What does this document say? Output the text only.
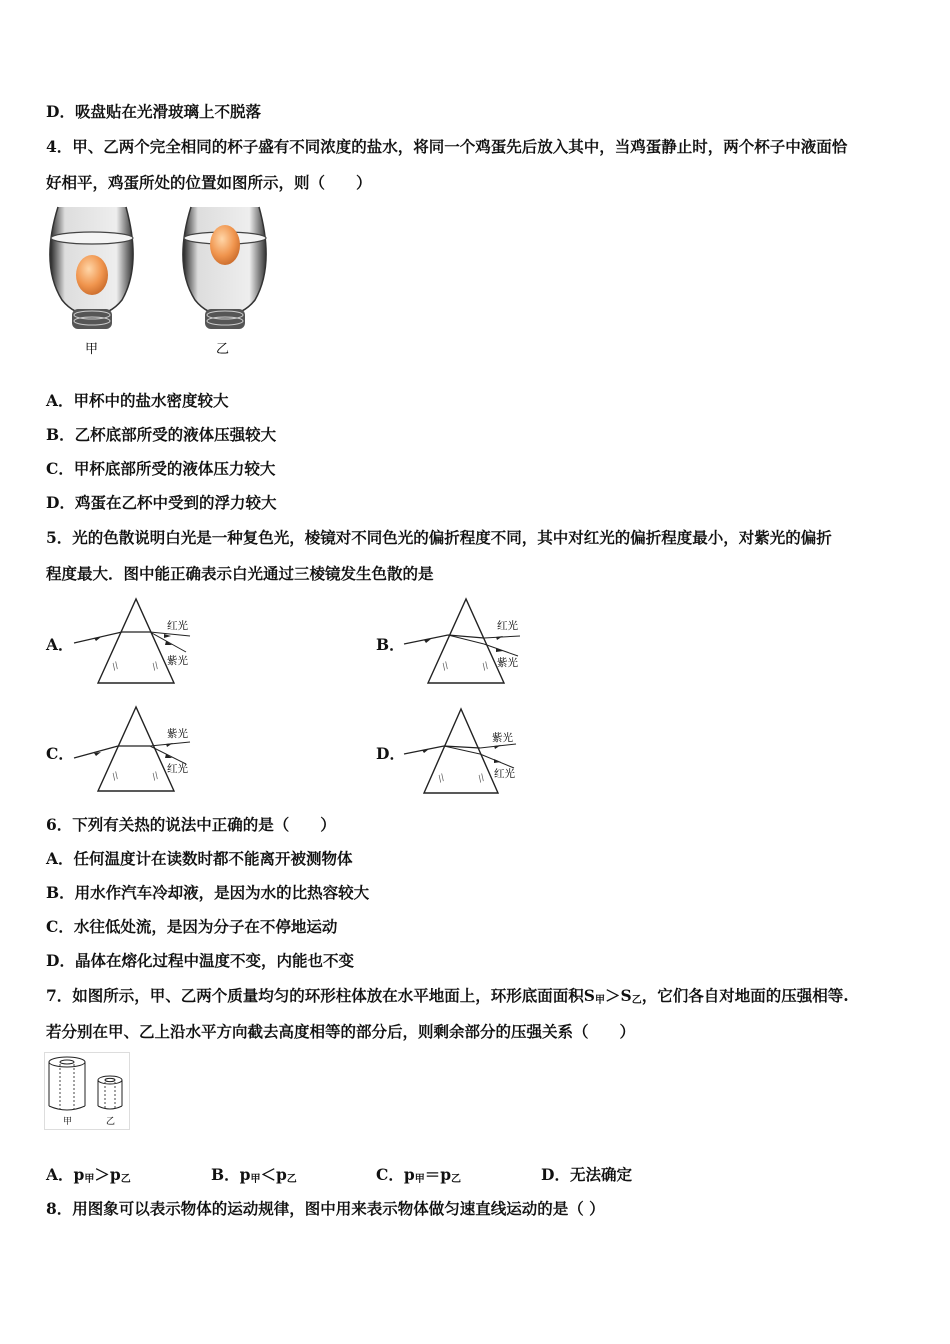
D．吸盘贴在光滑玻璃上不脱落
4．甲、乙两个完全相同的杯子盛有不同浓度的盐水，将同一个鸡蛋先后放入其中，当鸡蛋静止时，两个杯子中液面恰
好相平，鸡蛋所处的位置如图所示，则（　　）
甲	乙
A．甲杯中的盐水密度较大
B．乙杯底部所受的液体压强较大
C．甲杯底部所受的液体压力较大
D．鸡蛋在乙杯中受到的浮力较大
5．光的色散说明白光是一种复色光，棱镜对不同色光的偏折程度不同，其中对红光的偏折程度最小，对紫光的偏折
程度最大．图中能正确表示白光通过三棱镜发生色散的是
A．
红光
紫光
//	//
B．
红光
紫光
//	//
C．
紫光
红光
//	//
D．
紫光
红光
//	//
6．下列有关热的说法中正确的是（　　）
A．任何温度计在读数时都不能离开被测物体
B．用水作汽车冷却液，是因为水的比热容较大
C．水往低处流，是因为分子在不停地运动
D．晶体在熔化过程中温度不变，内能也不变
7．如图所示，甲、乙两个质量均匀的环形柱体放在水平地面上，环形底面面积$S_甲>S_乙$，它们各自对地面的压强相等.
若分别在甲、乙上沿水平方向截去高度相等的部分后，则剩余部分的压强关系（　　）
甲	乙
A．$p_甲>p_乙$	B．$p_甲<p_乙$	C．$p_甲=p_乙$	D．无法确定
8．用图象可以表示物体的运动规律，图中用来表示物体做匀速直线运动的是（ ）
